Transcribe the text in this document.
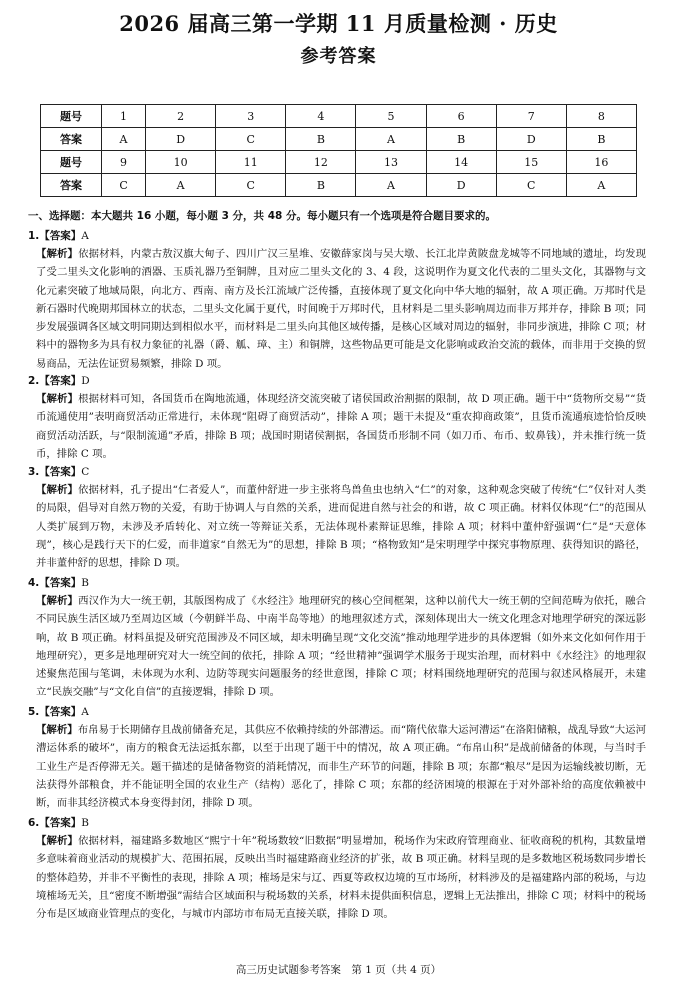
2026 届高三第一学期 11 月质量检测 · 历史
参考答案
题号	1	2	3	4	5	6	7	8
答案	A	D	C	B	A	B	D	B
题号	9	10	11	12	13	14	15	16
答案	C	A	C	B	A	D	C	A
一、选择题：本大题共 16 小题，每小题 3 分，共 48 分。每小题只有一个选项是符合题目要求的。
1.【答案】A
【解析】依据材料，内蒙古敖汉旗大甸子、四川广汉三星堆、安徽薛家岗与吴大墩、长江北岸黄陂盘龙城等不同地域的遗址，均发现了受二里头文化影响的酒器、玉质礼器乃至铜牌，且对应二里头文化的 3、4 段，这说明作为夏文化代表的二里头文化，其器物与文化元素突破了地域局限，向北方、西南、南方及长江流域广泛传播，直接体现了夏文化向中华大地的辐射，故 A 项正确。万邦时代是新石器时代晚期邦国林立的状态，二里头文化属于夏代，时间晚于万邦时代，且材料是二里头影响周边而非万邦并存，排除 B 项；同步发展强调各区域文明同期达到相似水平，而材料是二里头向其他区域传播，是核心区域对周边的辐射，非同步演进，排除 C 项；材料中的器物多为具有权力象征的礼器（爵、觚、璋、主）和铜牌，这些物品更可能是文化影响或政治交流的载体，而非用于交换的贸易商品，无法佐证贸易频繁，排除 D 项。
2.【答案】D
【解析】根据材料可知，各国货币在陶地流通，体现经济交流突破了诸侯国政治割据的限制，故 D 项正确。题干中“货物所交易”“货币流通使用”表明商贸活动正常进行，未体现“阻碍了商贸活动”，排除 A 项；题干未提及“重农抑商政策”，且货币流通痕迹恰恰反映商贸活动活跃，与“限制流通”矛盾，排除 B 项；战国时期诸侯割据，各国货币形制不同（如刀币、布币、蚁鼻钱），并未推行统一货币，排除 C 项。
3.【答案】C
【解析】依据材料，孔子提出“仁者爱人”，而董仲舒进一步主张将鸟兽鱼虫也纳入“仁”的对象，这种观念突破了传统“仁”仅针对人类的局限，倡导对自然万物的关爱，有助于协调人与自然的关系，进而促进自然与社会的和谐，故 C 项正确。材料仅体现“仁”的范围从人类扩展到万物，未涉及矛盾转化、对立统一等辩证关系，无法体现朴素辩证思维，排除 A 项；材料中董仲舒强调“仁”是“天意体现”，核心是践行天下的仁爱，而非道家“自然无为”的思想，排除 B 项；“格物致知”是宋明理学中探究事物原理、获得知识的路径，并非董仲舒的思想，排除 D 项。
4.【答案】B
【解析】西汉作为大一统王朝，其版图构成了《水经注》地理研究的核心空间框架，这种以前代大一统王朝的空间范畴为依托，融合不同民族生活区域乃至周边区域（今朝鲜半岛、中南半岛等地）的地理叙述方式，深刻体现出大一统文化理念对地理学研究的深远影响，故 B 项正确。材料虽提及研究范围涉及不同区域，却未明确呈现“文化交流”推动地理学进步的具体逻辑（如外来文化如何作用于地理研究），更多是地理研究对大一统空间的依托，排除 A 项；“经世精神”强调学术服务于现实治理，而材料中《水经注》的地理叙述聚焦范围与笔调，未体现为水利、边防等现实问题服务的经世意图，排除 C 项；材料围绕地理研究的范围与叙述风格展开，未建立“民族交融”与“文化自信”的直接逻辑，排除 D 项。
5.【答案】A
【解析】布帛易于长期储存且战前储备充足，其供应不依赖持续的外部漕运。而“隋代依靠大运河漕运”在洛阳储粮，战乱导致“大运河漕运体系的破坏”，南方的粮食无法运抵东都，以至于出现了题干中的情况，故 A 项正确。“布帛山积”是战前储备的体现，与当时手工业生产是否停滞无关。题干描述的是储备物资的消耗情况，而非生产环节的问题，排除 B 项；东都“粮尽”是因为运输线被切断，无法获得外部粮食，并不能证明全国的农业生产（结构）恶化了，排除 C 项；东都的经济困境的根源在于对外部补给的高度依赖被中断，而非其经济模式本身变得封闭，排除 D 项。
6.【答案】B
【解析】依据材料，福建路多数地区“熙宁十年”税场数较“旧数据”明显增加，税场作为宋政府管理商业、征收商税的机构，其数量增多意味着商业活动的规模扩大、范围拓展，反映出当时福建路商业经济的扩张，故 B 项正确。材料呈现的是多数地区税场数同步增长的整体趋势，并非不平衡性的表现，排除 A 项；榷场是宋与辽、西夏等政权边境的互市场所，材料涉及的是福建路内部的税场，与边境榷场无关，且“密度不断增强”需结合区域面积与税场数的关系，材料未提供面积信息，逻辑上无法推出，排除 C 项；材料中的税场分布是区域商业管理点的变化，与城市内部坊市布局无直接关联，排除 D 项。
高三历史试题参考答案　第 1 页（共 4 页）
